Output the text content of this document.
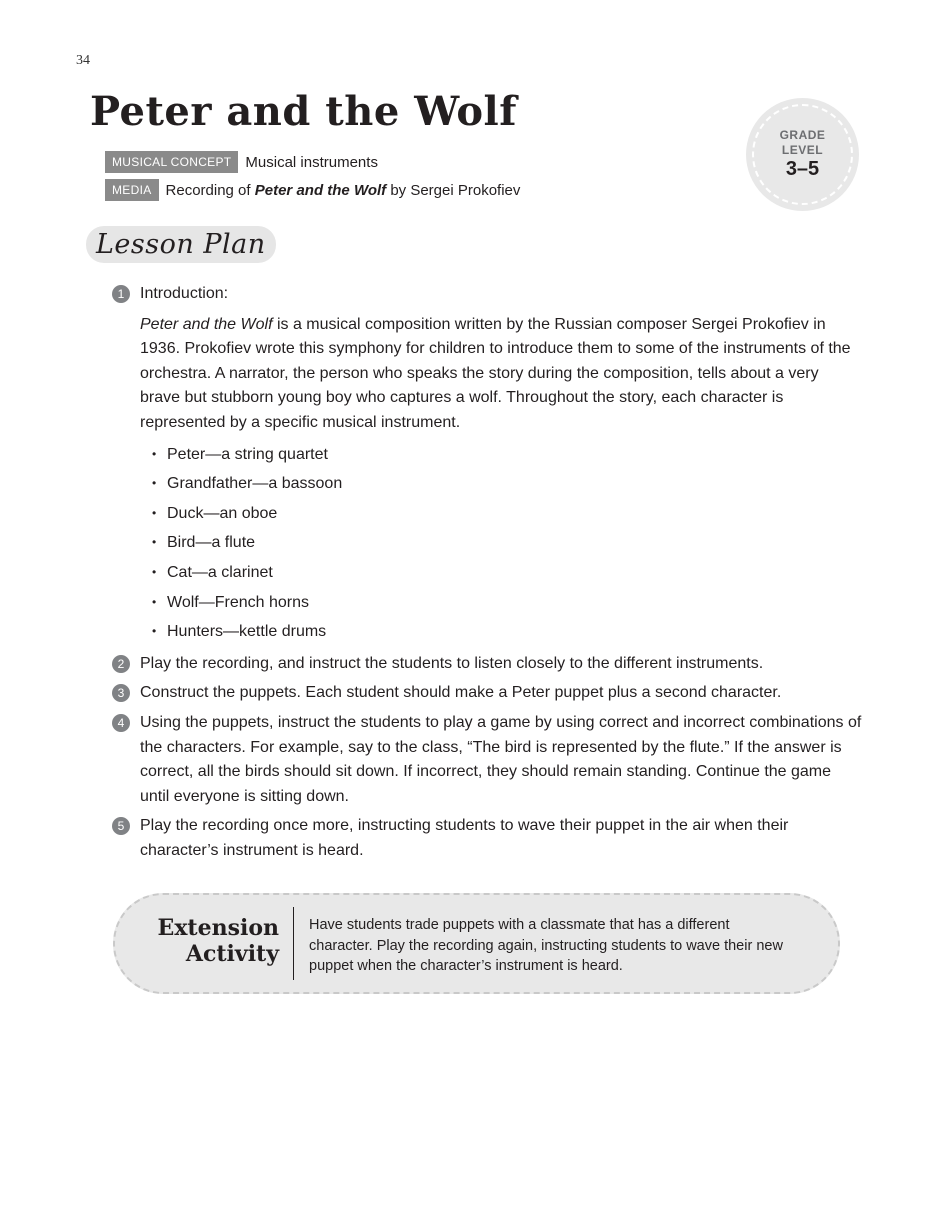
34
Peter and the Wolf
MUSICAL CONCEPT Musical instruments
MEDIA Recording of Peter and the Wolf by Sergei Prokofiev
GRADE
LEVEL
3–5
Lesson Plan
1 Introduction:

Peter and the Wolf is a musical composition written by the Russian composer Sergei Prokofiev in 1936. Prokofiev wrote this symphony for children to introduce them to some of the instruments of the orchestra. A narrator, the person who speaks the story during the composition, tells about a very brave but stubborn young boy who captures a wolf. Throughout the story, each character is represented by a specific musical instrument.

• Peter—a string quartet
• Grandfather—a bassoon
• Duck—an oboe
• Bird—a flute
• Cat—a clarinet
• Wolf—French horns
• Hunters—kettle drums
2 Play the recording, and instruct the students to listen closely to the different instruments.
3 Construct the puppets. Each student should make a Peter puppet plus a second character.
4 Using the puppets, instruct the students to play a game by using correct and incorrect combinations of the characters. For example, say to the class, “The bird is represented by the flute.” If the answer is correct, all the birds should sit down. If incorrect, they should remain standing. Continue the game until everyone is sitting down.
5 Play the recording once more, instructing students to wave their puppet in the air when their character’s instrument is heard.
Extension
Activity
Have students trade puppets with a classmate that has a different character. Play the recording again, instructing students to wave their new puppet when the character’s instrument is heard.
